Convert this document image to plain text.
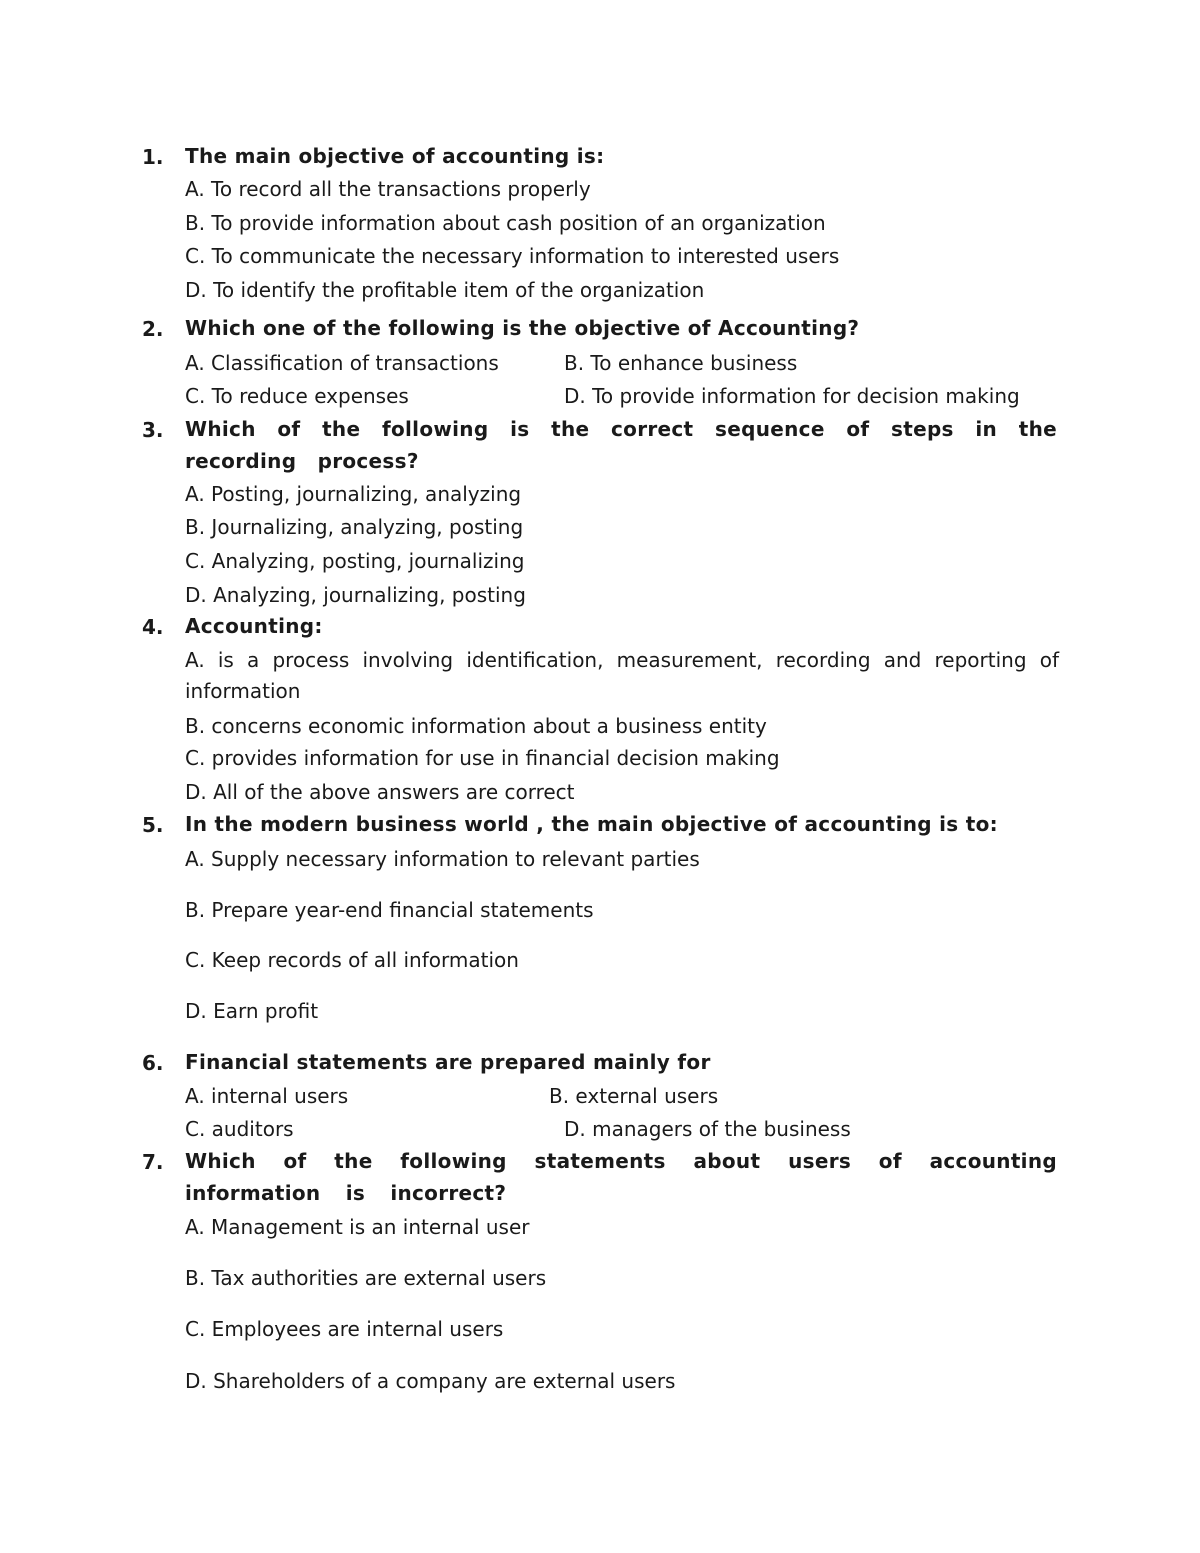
1. The main objective of accounting is:
A. To record all the transactions properly
B. To provide information about cash position of an organization
C. To communicate the necessary information to interested users
D. To identify the profitable item of the organization
2. Which one of the following is the objective of Accounting?
A. Classification of transactions	B. To enhance business
C. To reduce expenses	D. To provide information for decision making
3. Which of the following is the correct sequence of steps in the recording process?
A. Posting, journalizing, analyzing
B. Journalizing, analyzing, posting
C. Analyzing, posting, journalizing
D. Analyzing, journalizing, posting
4. Accounting:
A. is a process involving identification, measurement, recording and reporting of information
B. concerns economic information about a business entity
C. provides information for use in financial decision making
D. All of the above answers are correct
5. In the modern business world , the main objective of accounting is to:
A. Supply necessary information to relevant parties
B. Prepare year-end financial statements
C. Keep records of all information
D. Earn profit
6. Financial statements are prepared mainly for
A. internal users	B. external users
C. auditors	D. managers of the business
7. Which of the following statements about users of accounting information is incorrect?
A. Management is an internal user
B. Tax authorities are external users
C. Employees are internal users
D. Shareholders of a company are external users
